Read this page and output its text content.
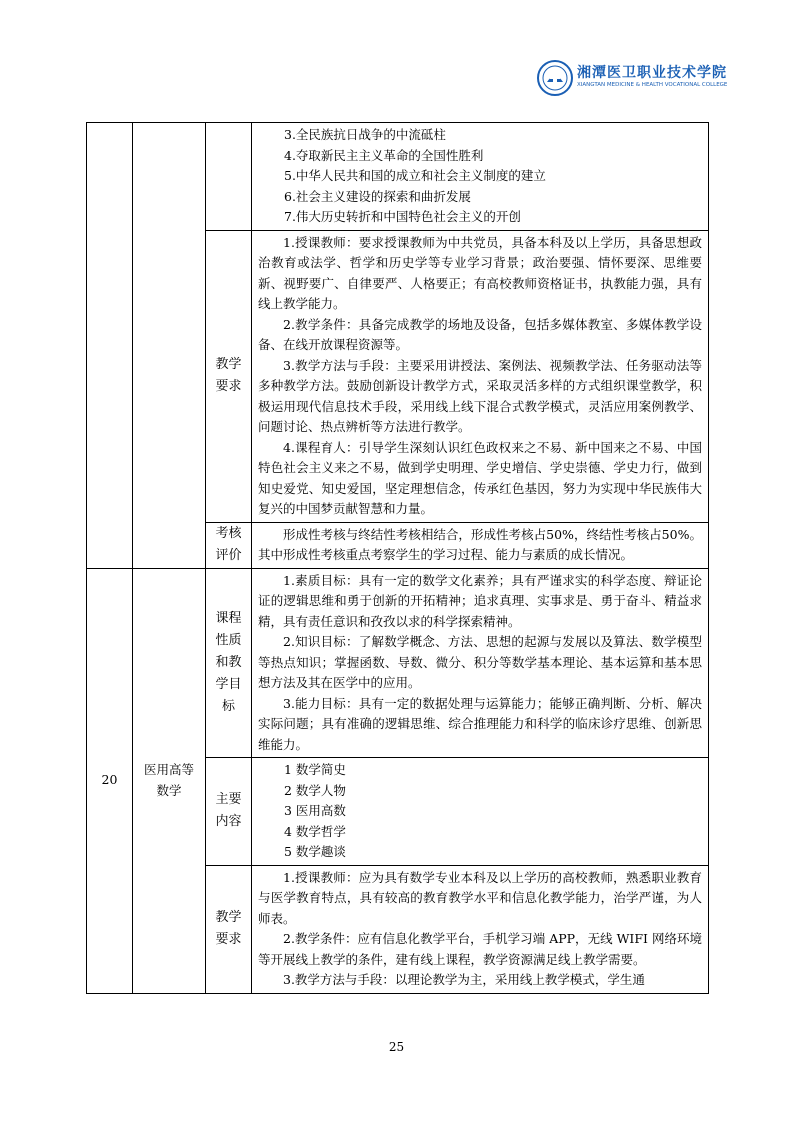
湘潭医卫职业技术学院
XIANGTAN MEDICINE & HEALTH VOCATIONAL COLLEGE

			3.全民族抗日战争的中流砥柱
4.夺取新民主主义革命的全国性胜利
5.中华人民共和国的成立和社会主义制度的建立
6.社会主义建设的探索和曲折发展
7.伟大历史转折和中国特色社会主义的开创

		教学要求	1.授课教师：要求授课教师为中共党员，具备本科及以上学历，具备思想政治教育或法学、哲学和历史学等专业学习背景；政治要强、情怀要深、思维要新、视野要广、自律要严、人格要正；有高校教师资格证书，执教能力强，具有线上教学能力。
2.教学条件：具备完成教学的场地及设备，包括多媒体教室、多媒体教学设备、在线开放课程资源等。
3.教学方法与手段：主要采用讲授法、案例法、视频教学法、任务驱动法等多种教学方法。鼓励创新设计教学方式，采取灵活多样的方式组织课堂教学，积极运用现代信息技术手段，采用线上线下混合式教学模式，灵活应用案例教学、问题讨论、热点辨析等方法进行教学。
4.课程育人：引导学生深刻认识红色政权来之不易、新中国来之不易、中国特色社会主义来之不易，做到学史明理、学史增信、学史崇德、学史力行，做到知史爱党、知史爱国，坚定理想信念，传承红色基因，努力为实现中华民族伟大复兴的中国梦贡献智慧和力量。

		考核评价	形成性考核与终结性考核相结合，形成性考核占50%，终结性考核占50%。其中形成性考核重点考察学生的学习过程、能力与素质的成长情况。

20	医用高等数学	课程性质和教学目标	1.素质目标：具有一定的数学文化素养；具有严谨求实的科学态度、辩证论证的逻辑思维和勇于创新的开拓精神；追求真理、实事求是、勇于奋斗、精益求精，具有责任意识和孜孜以求的科学探索精神。
2.知识目标：了解数学概念、方法、思想的起源与发展以及算法、数学模型等热点知识；掌握函数、导数、微分、积分等数学基本理论、基本运算和基本思想方法及其在医学中的应用。
3.能力目标：具有一定的数据处理与运算能力；能够正确判断、分析、解决实际问题；具有准确的逻辑思维、综合推理能力和科学的临床诊疗思维、创新思维能力。

		主要内容	1 数学简史
2 数学人物
3 医用高数
4 数学哲学
5 数学趣谈

		教学要求	1.授课教师：应为具有数学专业本科及以上学历的高校教师，熟悉职业教育与医学教育特点，具有较高的教育教学水平和信息化教学能力，治学严谨，为人师表。
2.教学条件：应有信息化教学平台，手机学习端 APP，无线 WIFI 网络环境等开展线上教学的条件，建有线上课程，教学资源满足线上教学需要。
3.教学方法与手段：以理论教学为主，采用线上教学模式，学生通
25
